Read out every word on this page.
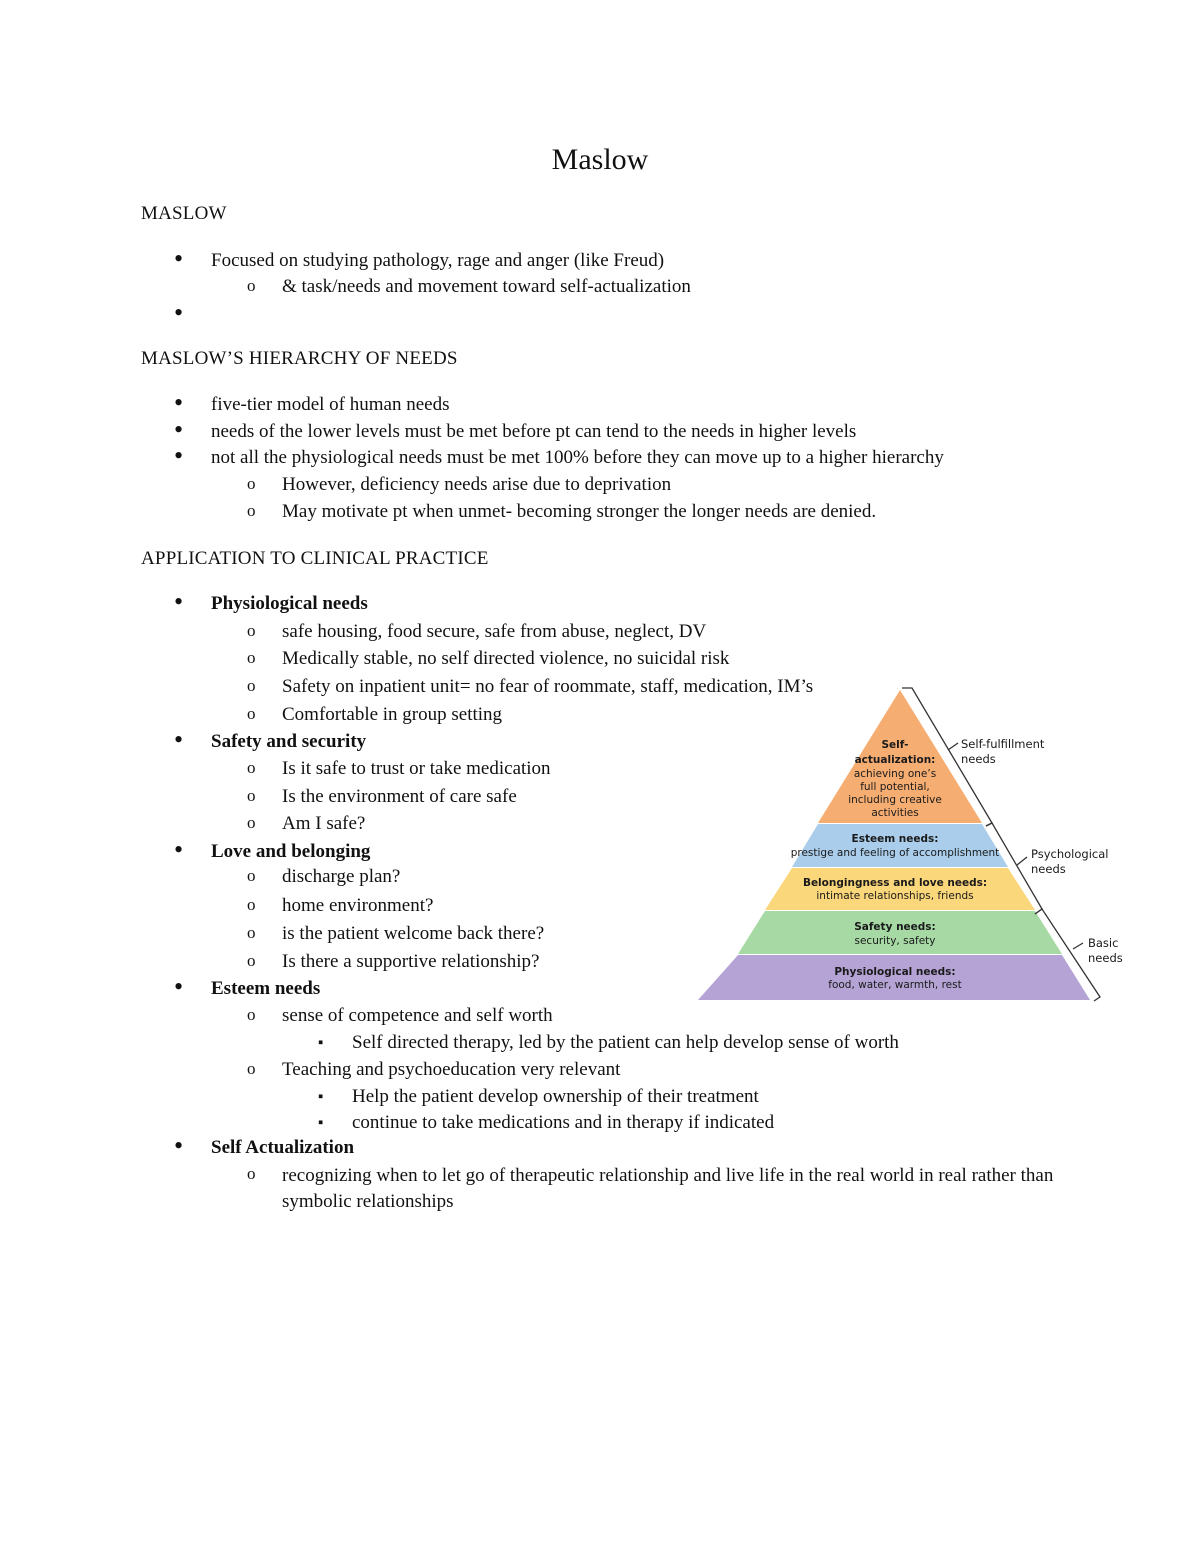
Maslow
MASLOW
•
Focused on studying pathology, rage and anger (like Freud)
o
& task/needs and movement toward self-actualization
•
MASLOW’S HIERARCHY OF NEEDS
•
five-tier model of human needs
•
needs of the lower levels must be met before pt can tend to the needs in higher levels
•
not all the physiological needs must be met 100% before they can move up to a higher hierarchy
o
However, deficiency needs arise due to deprivation
o
May motivate pt when unmet- becoming stronger the longer needs are denied.
APPLICATION TO CLINICAL PRACTICE
•
Physiological needs
o
safe housing, food secure, safe from abuse, neglect, DV
o
Medically stable, no self directed violence, no suicidal risk
o
Safety on inpatient unit= no fear of roommate, staff, medication, IM’s
o
Comfortable in group setting
•
Safety and security
o
Is it safe to trust or take medication
o
Is the environment of care safe
o
Am I safe?
•
Love and belonging
o
discharge plan?
o
home environment?
o
is the patient welcome back there?
o
Is there a supportive relationship?
•
Esteem needs
o
sense of competence and self worth
▪
Self directed therapy, led by the patient can help develop sense of worth
o
Teaching and psychoeducation very relevant
▪
Help the patient develop ownership of their treatment
▪
continue to take medications and in therapy if indicated
•
Self Actualization
o
recognizing when to let go of therapeutic relationship and live life in the real world in real rather than symbolic relationships
Self-
actualization:
achieving one’s
full potential,
including creative
activities
Esteem needs:
prestige and feeling of accomplishment
Belongingness and love needs:
intimate relationships, friends
Safety needs:
security, safety
Physiological needs:
food, water, warmth, rest
Self-fulfillment
needs
Psychological
needs
Basic
needs
